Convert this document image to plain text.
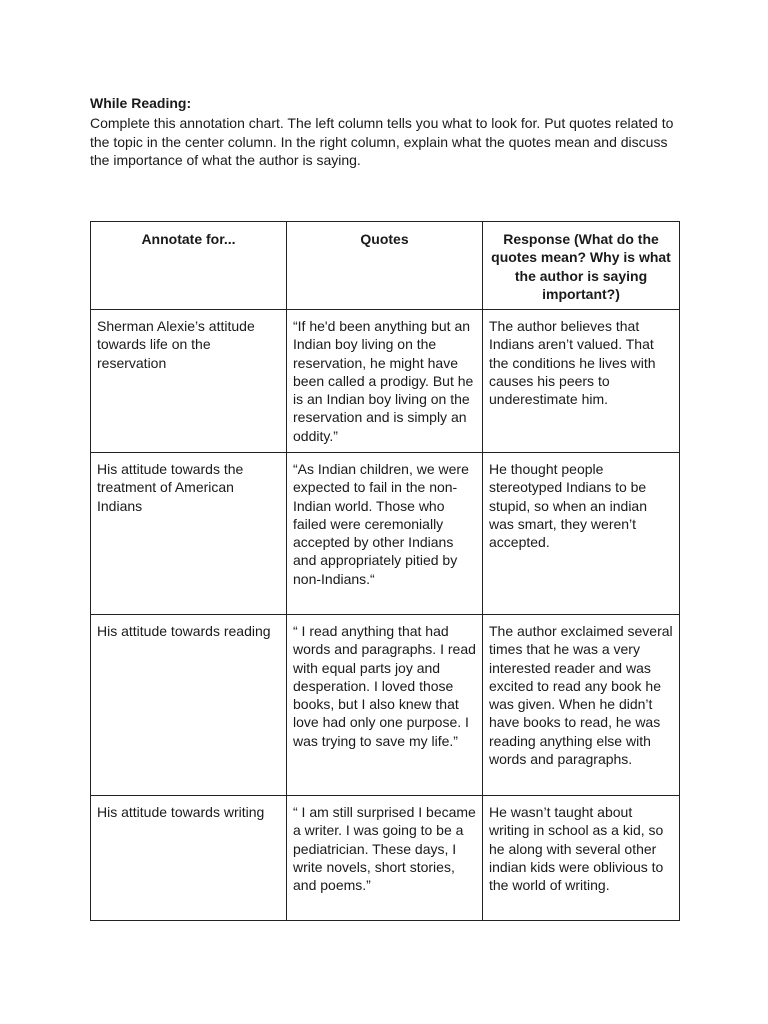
While Reading:
Complete this annotation chart. The left column tells you what to look for. Put quotes related to the topic in the center column. In the right column, explain what the quotes mean and discuss the importance of what the author is saying.
Annotate for...	Quotes	Response (What do the quotes mean? Why is what the author is saying important?)
Sherman Alexie’s attitude towards life on the reservation	“If he'd been anything but an Indian boy living on the reservation, he might have been called a prodigy. But he is an Indian boy living on the reservation and is simply an oddity.”	The author believes that Indians aren’t valued. That the conditions he lives with causes his peers to underestimate him.
His attitude towards the treatment of American Indians	“As Indian children, we were expected to fail in the non-Indian world. Those who failed were ceremonially accepted by other Indians and appropriately pitied by non-Indians.“	He thought people stereotyped Indians to be stupid, so when an indian was smart, they weren’t accepted.
His attitude towards reading	“ I read anything that had words and paragraphs. I read with equal parts joy and desperation. I loved those books, but I also knew that love had only one purpose. I was trying to save my life.”	The author exclaimed several times that he was a very interested reader and was excited to read any book he was given. When he didn’t have books to read, he was reading anything else with words and paragraphs.
His attitude towards writing	“ I am still surprised I became a writer. I was going to be a pediatrician. These days, I write novels, short stories, and poems.”	He wasn’t taught about writing in school as a kid, so he along with several other indian kids were oblivious to the world of writing.
